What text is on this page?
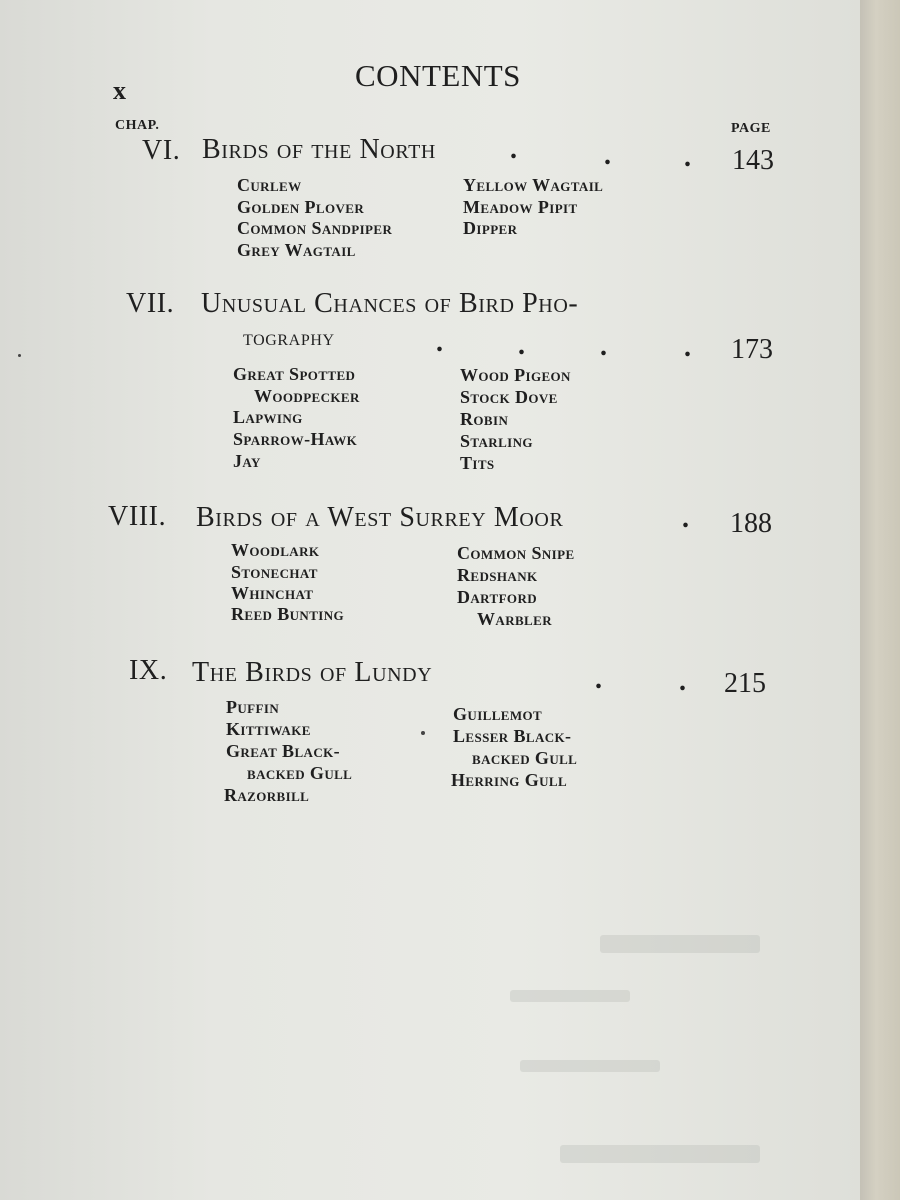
x	CONTENTS
CHAP.	PAGE
VI. Birds of the North	.	.	. 143
Curlew
Golden Plover
Common Sandpiper
Grey Wagtail
Yellow Wagtail
Meadow Pipit
Dipper
VII. Unusual Chances of Bird Pho-
tography	.	.	.	. 173
Great Spotted
Woodpecker
Lapwing
Sparrow-Hawk
Jay
Wood Pigeon
Stock Dove
Robin
Starling
Tits
VIII. Birds of a West Surrey Moor	. 188
Woodlark
Stonechat
Whinchat
Reed Bunting
Common Snipe
Redshank
Dartford
Warbler
IX. The Birds of Lundy	.	. 215
Puffin
Kittiwake
Great Black-
backed Gull
Razorbill
Guillemot
Lesser Black-
backed Gull
Herring Gull
